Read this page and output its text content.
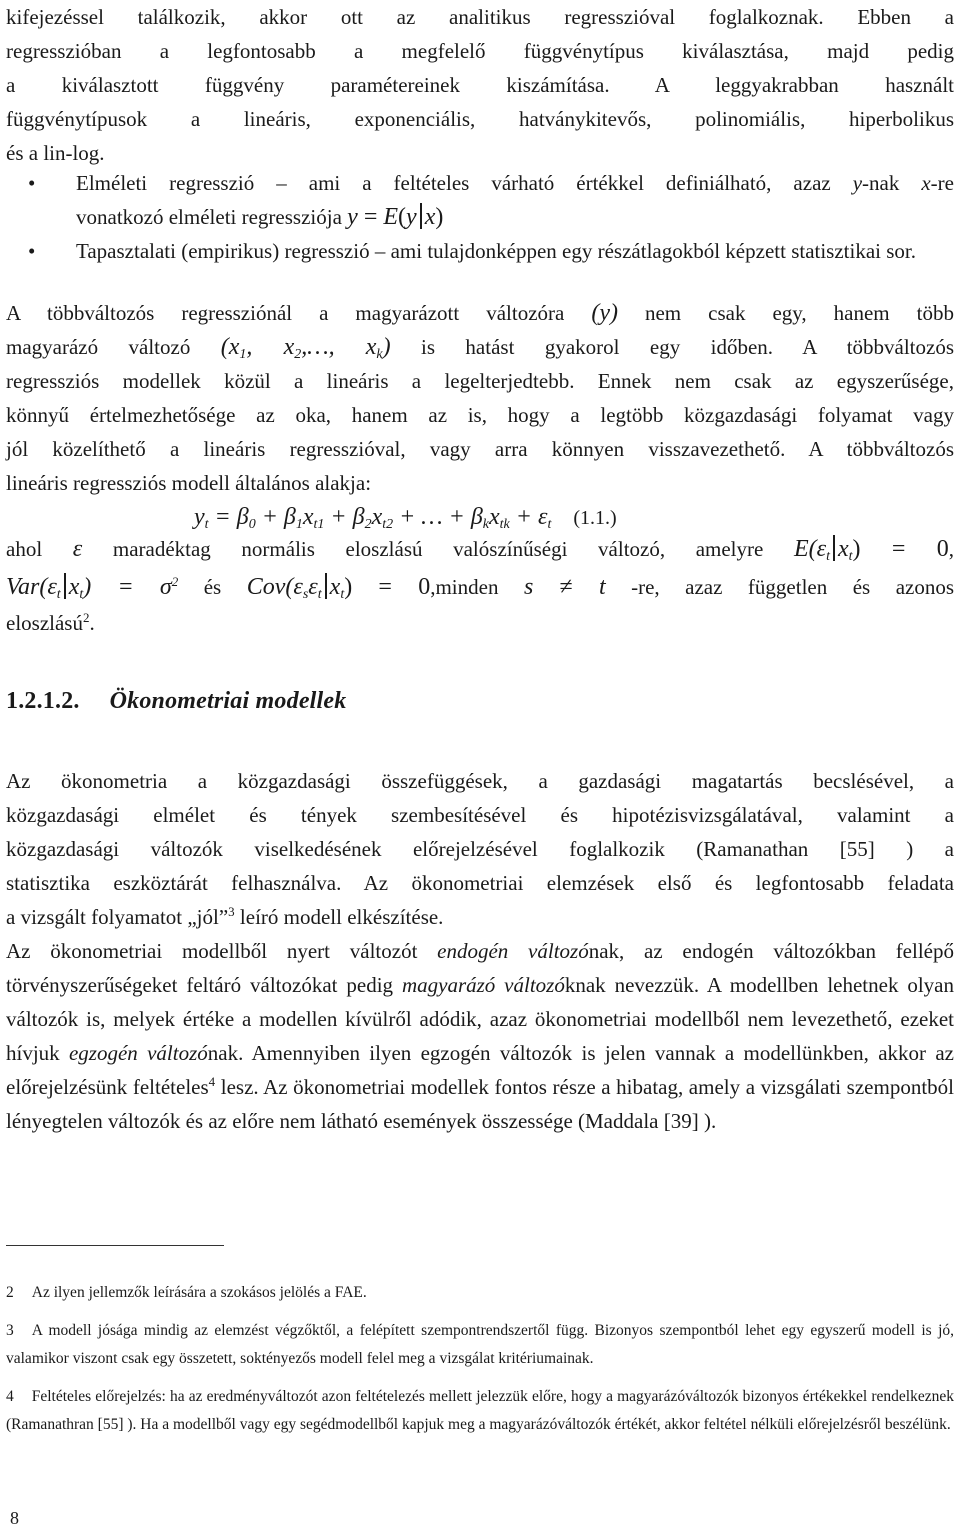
kifejezéssel találkozik, akkor ott az analitikus regresszióval foglalkoznak. Ebben a

regresszióban a legfontosabb a megfelelő függvénytípus kiválasztása, majd pedig

a kiválasztott függvény paramétereinek kiszámítása. A leggyakrabban használt

függvénytípusok a lineáris, exponenciális, hatványkitevős, polinomiális, hiperbolikus

és a lin-log.

•	Elméleti regresszió – ami a feltételes várható értékkel definiálható, azaz y-nak x-re
vonatkozó elméleti regressziója y = E(y x)
•	Tapasztalati (empirikus) regresszió – ami tulajdonképpen egy részátlagokból képzett statisztikai sor.

A többváltozós regressziónál a magyarázott változóra (y) nem csak egy, hanem több

magyarázó változó ($x_1$, $x_2,\dots$, $x_k$) is hatást gyakorol egy időben. A többváltozós

regressziós modellek közül a lineáris a legelterjedtebb. Ennek nem csak az egyszerűsége,

könnyű értelmezhetősége az oka, hanem az is, hogy a legtöbb közgazdasági folyamat vagy

jól közelíthető a lineáris regresszióval, vagy arra könnyen visszavezethető. A többváltozós

lineáris regressziós modell általános alakja:

$y_t = \beta_0 + \beta_1x_{t1} + \beta_2x_{t2}$ + … + $\beta_kx_{tk} + \varepsilon_t$ (1.1.)

ahol ε maradéktag normális eloszlású valószínűségi változó, amelyre $E(\varepsilon_t$ $x_t) = 0$,

$Var(\varepsilon_t$ $x_t) = \sigma^2$ és $Cov(\varepsilon_s\varepsilon_t$ $x_t$) = 0,minden s ≠ t -re, azaz független és azonos

eloszlású$^2$.

1.2.1.2. Ökonometriai modellek

Az ökonometria a közgazdasági összefüggések, a gazdasági magatartás becslésével, a

közgazdasági elmélet és tények szembesítésével és hipotézisvizsgálatával, valamint a

közgazdasági változók viselkedésének előrejelzésével foglalkozik (Ramanathan [55] ) a

statisztika eszköztárát felhasználva. Az ökonometriai elemzések első és legfontosabb feladata

a vizsgált folyamatot „jól”$^3$ leíró modell elkészítése.

Az ökonometriai modellből nyert változót endogén változónak, az endogén változókban fellépő törvényszerűségeket feltáró változókat pedig magyarázó változóknak nevezzük. A modellben lehetnek olyan változók is, melyek értéke a modellen kívülről adódik, azaz ökonometriai modellből nem levezethető, ezeket hívjuk egzogén változónak. Amennyiben ilyen egzogén változók is jelen vannak a modellünkben, akkor az előrejelzésünk feltételes$^4$ lesz. Az ökonometriai modellek fontos része a hibatag, amely a vizsgálati szempontból lényegtelen változók és az előre nem látható események összessége (Maddala [39] ).

2 Az ilyen jellemzők leírására a szokásos jelölés a FAE.

3 A modell jósága mindig az elemzést végzőktől, a felépített szempontrendszertől függ. Bizonyos szempontból lehet egy egyszerű modell is jó, valamikor viszont csak egy összetett, soktényezős modell felel meg a vizsgálat kritériumainak.

4 Feltételes előrejelzés: ha az eredményváltozót azon feltételezés mellett jelezzük előre, hogy a magyarázóváltozók bizonyos értékekkel rendelkeznek (Ramanathran [55] ). Ha a modellből vagy egy segédmodellből kapjuk meg a magyarázóváltozók értékét, akkor feltétel nélküli előrejelzésről beszélünk.

8
